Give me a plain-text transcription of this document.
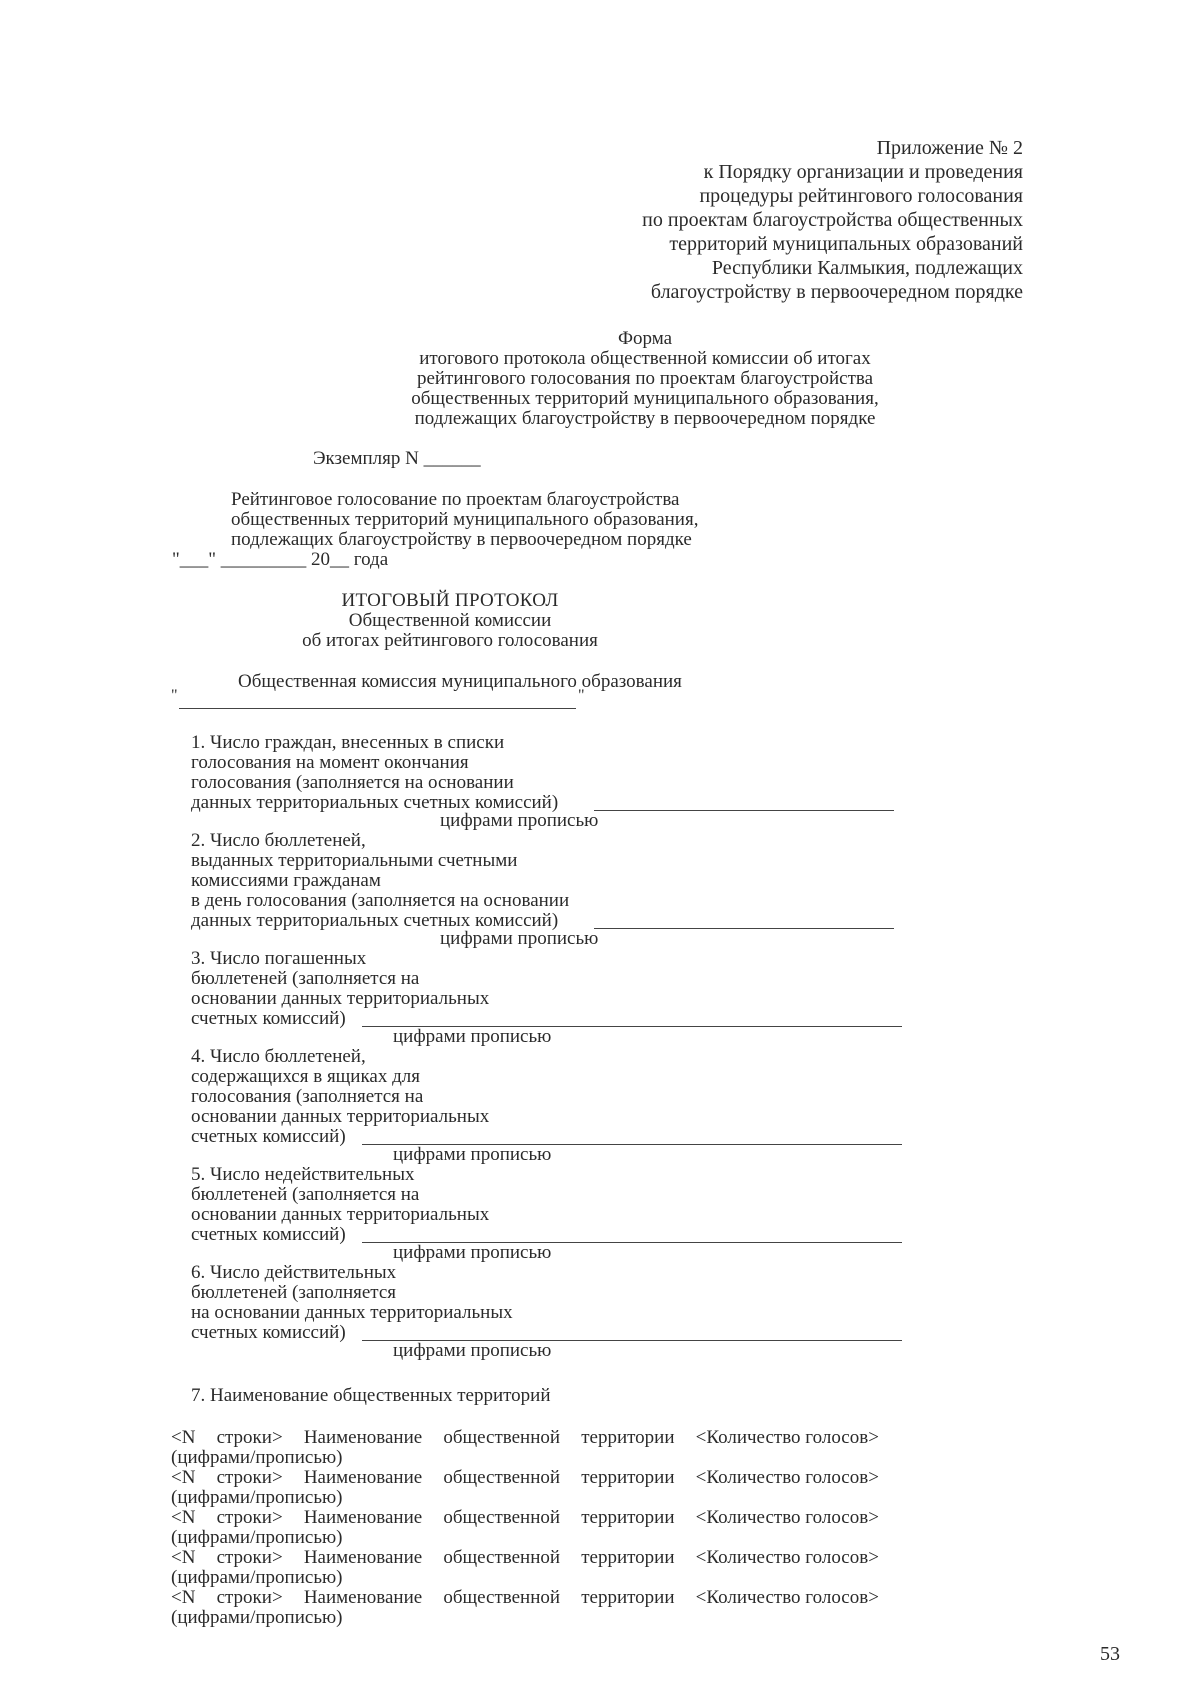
Приложение № 2
к Порядку организации и проведения
процедуры рейтингового голосования
по проектам благоустройства общественных
территорий муниципальных образований
Республики Калмыкия, подлежащих
благоустройству в первоочередном порядке
Форма
итогового протокола общественной комиссии об итогах
рейтингового голосования по проектам благоустройства
общественных территорий муниципального образования,
подлежащих благоустройству в первоочередном порядке
Экземпляр N ______
Рейтинговое голосование по проектам благоустройства
общественных территорий муниципального образования,
подлежащих благоустройству в первоочередном порядке
"___" _________ 20__ года
ИТОГОВЫЙ ПРОТОКОЛ
Общественной комиссии
об итогах рейтингового голосования
Общественная комиссия муниципального образования
"	"
1. Число граждан, внесенных в списки
голосования на момент окончания
голосования (заполняется на основании
данных территориальных счетных комиссий)
цифрами прописью
2. Число бюллетеней,
выданных территориальными счетными
комиссиями гражданам
в день голосования (заполняется на основании
данных территориальных счетных комиссий)
цифрами прописью
3. Число погашенных
бюллетеней (заполняется на
основании данных территориальных
счетных комиссий)
цифрами прописью
4. Число бюллетеней,
содержащихся в ящиках для
голосования (заполняется на
основании данных территориальных
счетных комиссий)
цифрами прописью
5. Число недействительных
бюллетеней (заполняется на
основании данных территориальных
счетных комиссий)
цифрами прописью
6. Число действительных
бюллетеней (заполняется
на основании данных территориальных
счетных комиссий)
цифрами прописью
7. Наименование общественных территорий
<N строки> Наименование общественной территории <Количество голосов>
(цифрами/прописью)
<N строки> Наименование общественной территории <Количество голосов>
(цифрами/прописью)
<N строки> Наименование общественной территории <Количество голосов>
(цифрами/прописью)
<N строки> Наименование общественной территории <Количество голосов>
(цифрами/прописью)
<N строки> Наименование общественной территории <Количество голосов>
(цифрами/прописью)
53
